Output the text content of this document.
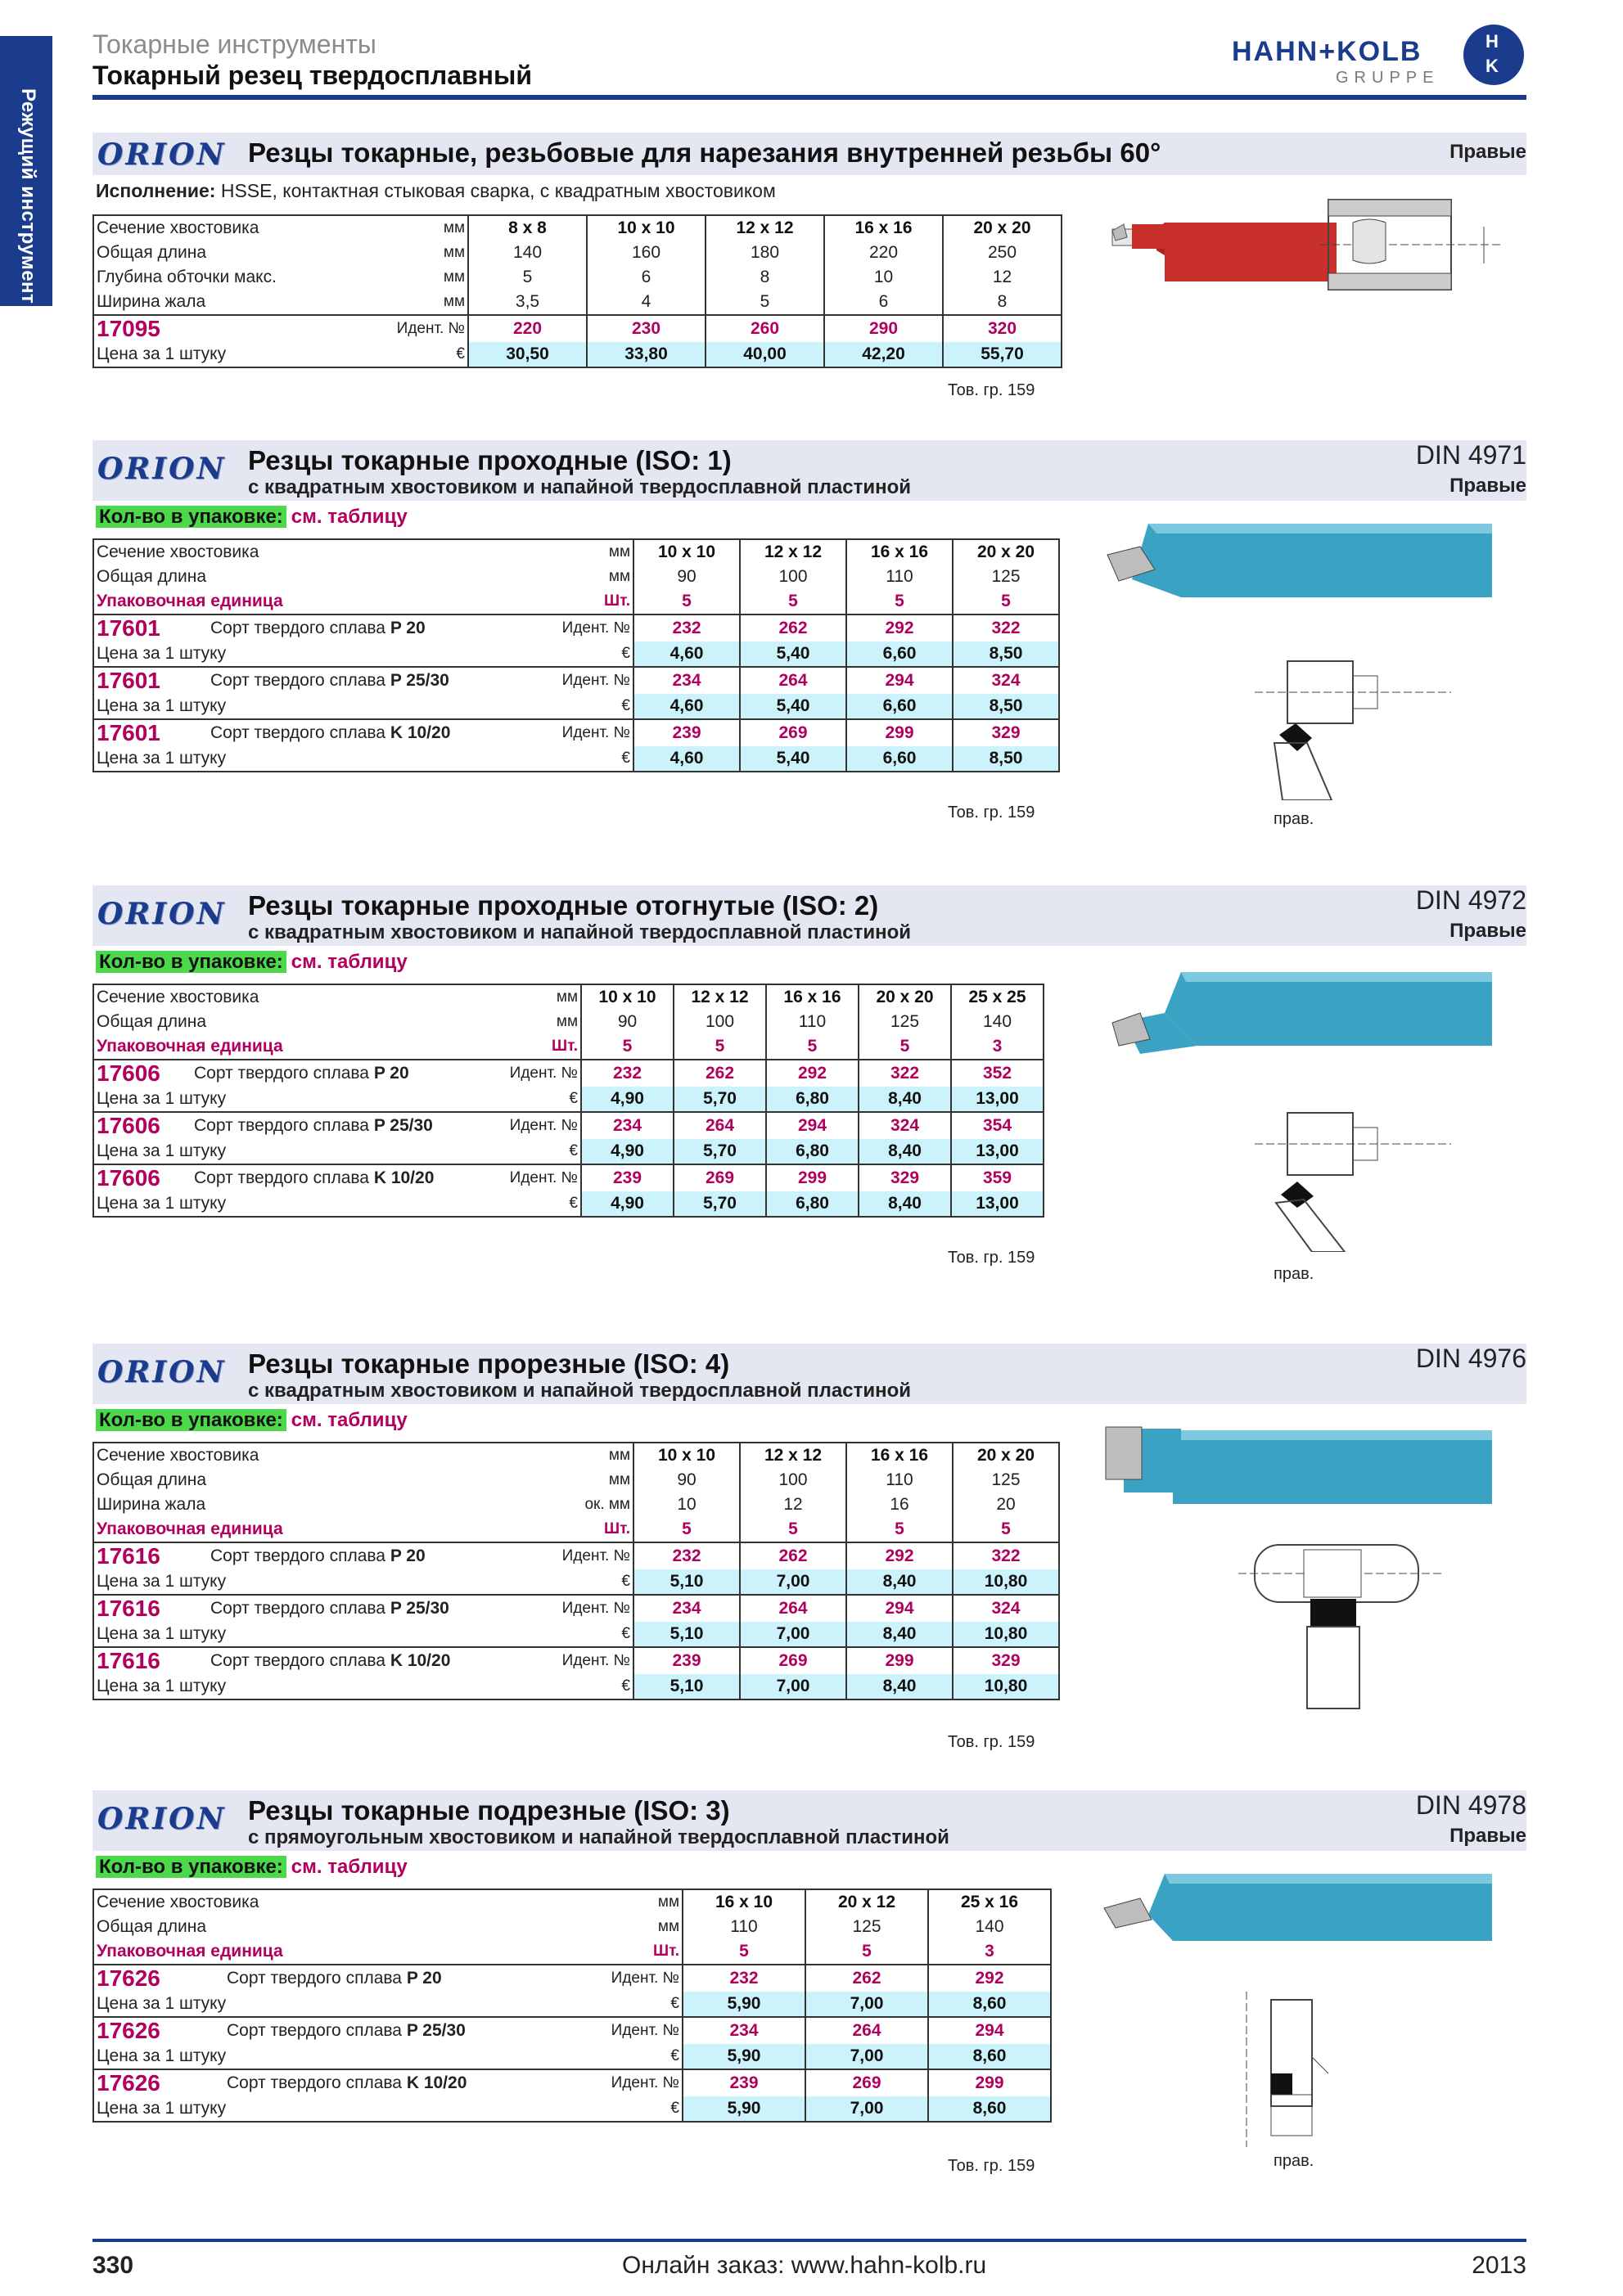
Режущий инструмент
Токарные инструменты
Токарный резец твердосплавный
HAHN+KOLB
GRUPPE
H
K
ORION Резцы токарные, резьбовые для нарезания внутренней резьбы 60°	Правые
Исполнение: HSSE, контактная стыковая сварка, с квадратным хвостовиком
Сечение хвостовика		мм	8 x 8	10 x 10	12 x 12	16 x 16	20 x 20
Общая длина		мм	140	160	180	220	250
Глубина обточки макс.		мм	5	6	8	10	12
Ширина жала		мм	3,5	4	5	6	8
17095	Идент. №		220	230	260	290	320
Цена за 1 штуку		€	30,50	33,80	40,00	42,20	55,70
Тов. гр. 159
ORION Резцы токарные проходные (ISO: 1)
с квадратным хвостовиком и напайной твердосплавной пластиной
DIN 4971
Правые
Кол-во в упаковке: см. таблицу
Сечение хвостовика		мм	10 x 10	12 x 12	16 x 16	20 x 20
Общая длина		мм	90	100	110	125
Упаковочная единица		Шт.	5	5	5	5
17601	Сорт твердого сплава P 20	Идент. №	232	262	292	322
Цена за 1 штуку		€	4,60	5,40	6,60	8,50
17601	Сорт твердого сплава P 25/30	Идент. №	234	264	294	324
Цена за 1 штуку		€	4,60	5,40	6,60	8,50
17601	Сорт твердого сплава K 10/20	Идент. №	239	269	299	329
Цена за 1 штуку		€	4,60	5,40	6,60	8,50
Тов. гр. 159	прав.
ORION Резцы токарные проходные отогнутые (ISO: 2)
с квадратным хвостовиком и напайной твердосплавной пластиной
DIN 4972
Правые
Кол-во в упаковке: см. таблицу
Сечение хвостовика		мм	10 x 10	12 x 12	16 x 16	20 x 20	25 x 25
Общая длина		мм	90	100	110	125	140
Упаковочная единица		Шт.	5	5	5	5	3
17606	Сорт твердого сплава P 20	Идент. №	232	262	292	322	352
Цена за 1 штуку		€	4,90	5,70	6,80	8,40	13,00
17606	Сорт твердого сплава P 25/30	Идент. №	234	264	294	324	354
Цена за 1 штуку		€	4,90	5,70	6,80	8,40	13,00
17606	Сорт твердого сплава K 10/20	Идент. №	239	269	299	329	359
Цена за 1 штуку		€	4,90	5,70	6,80	8,40	13,00
Тов. гр. 159
прав.
ORION Резцы токарные прорезные (ISO: 4)
с квадратным хвостовиком и напайной твердосплавной пластиной
DIN 4976
Кол-во в упаковке: см. таблицу
Сечение хвостовика		мм	10 x 10	12 x 12	16 x 16	20 x 20
Общая длина		мм	90	100	110	125
Ширина жала		ок. мм	10	12	16	20
Упаковочная единица		Шт.	5	5	5	5
17616	Сорт твердого сплава P 20	Идент. №	232	262	292	322
Цена за 1 штуку		€	5,10	7,00	8,40	10,80
17616	Сорт твердого сплава P 25/30	Идент. №	234	264	294	324
Цена за 1 штуку		€	5,10	7,00	8,40	10,80
17616	Сорт твердого сплава K 10/20	Идент. №	239	269	299	329
Цена за 1 штуку		€	5,10	7,00	8,40	10,80
Тов. гр. 159
ORION Резцы токарные подрезные (ISO: 3)
с прямоугольным хвостовиком и напайной твердосплавной пластиной
DIN 4978
Правые
Кол-во в упаковке: см. таблицу
Сечение хвостовика		мм	16 x 10	20 x 12	25 x 16
Общая длина		мм	110	125	140
Упаковочная единица		Шт.	5	5	3
17626	Сорт твердого сплава P 20	Идент. №	232	262	292
Цена за 1 штуку		€	5,90	7,00	8,60
17626	Сорт твердого сплава P 25/30	Идент. №	234	264	294
Цена за 1 штуку		€	5,90	7,00	8,60
17626	Сорт твердого сплава K 10/20	Идент. №	239	269	299
Цена за 1 штуку		€	5,90	7,00	8,60
Тов. гр. 159	прав.
330	Онлайн заказ: www.hahn-kolb.ru	2013
